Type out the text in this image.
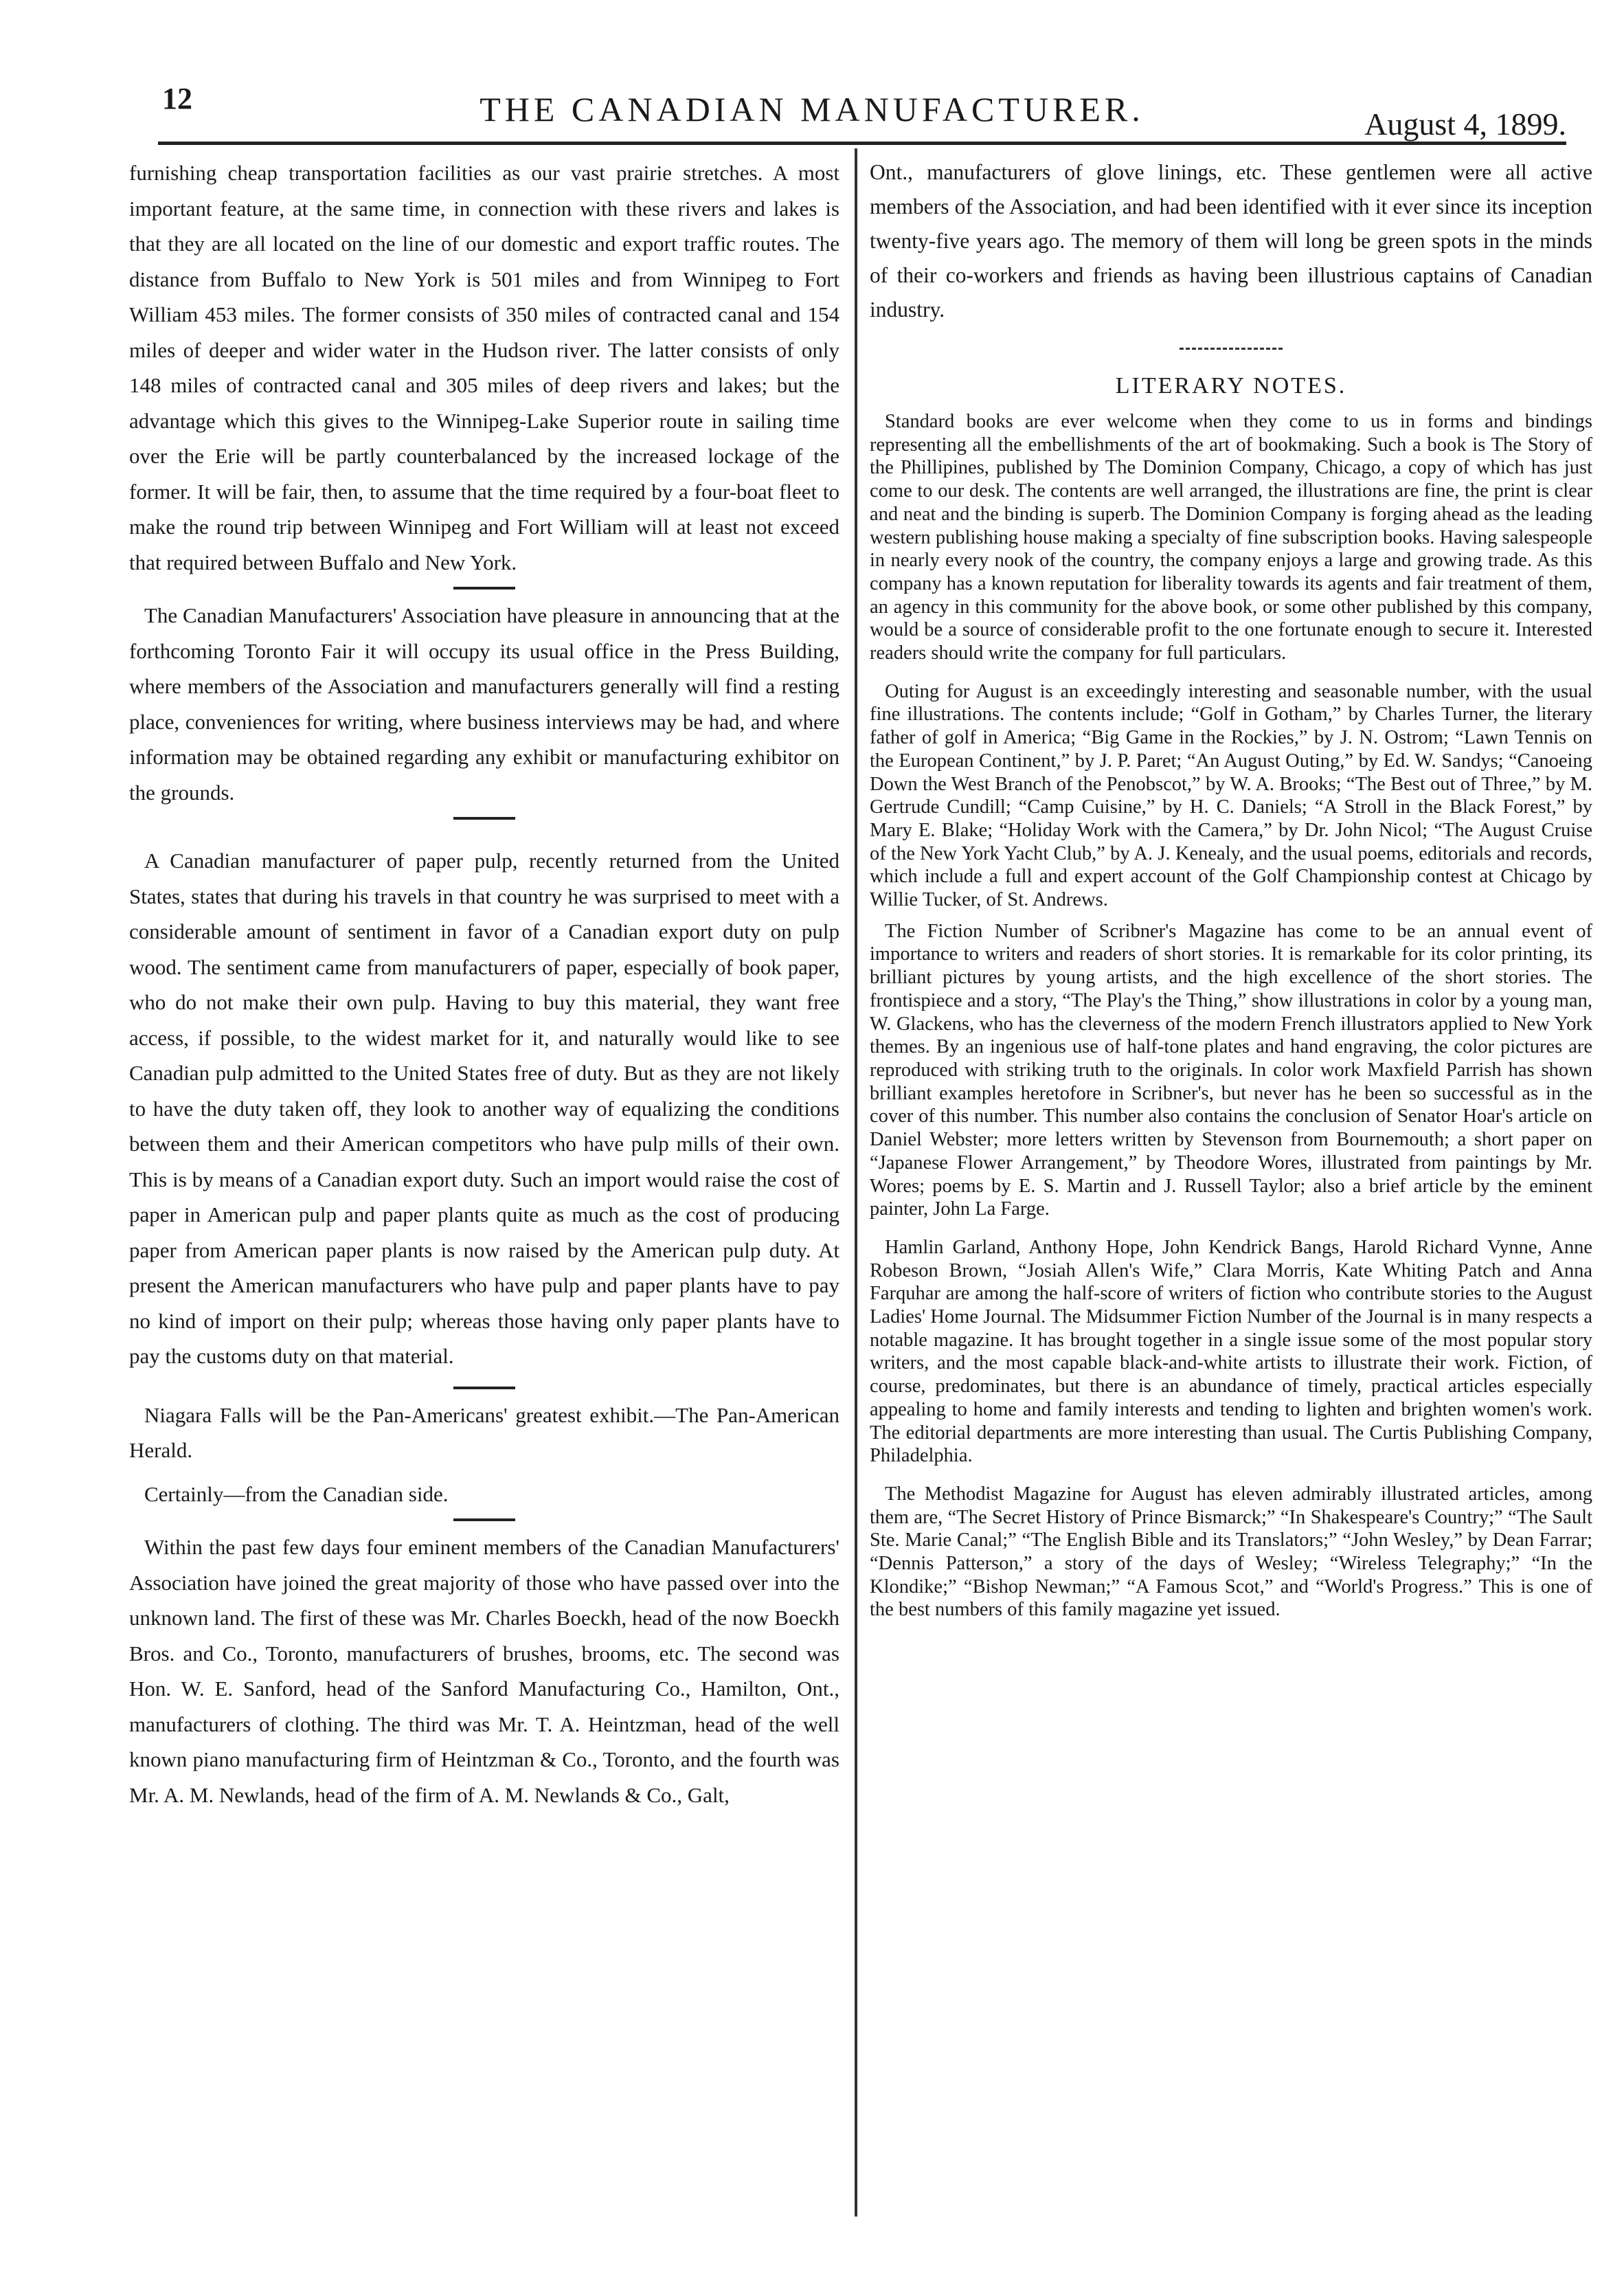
12	THE CANADIAN MANUFACTURER.	August 4, 1899.

furnishing cheap transportation facilities as our vast prairie stretches. A most important feature, at the same time, in connection with these rivers and lakes is that they are all located on the line of our domestic and export traffic routes. The distance from Buffalo to New York is 501 miles and from Winnipeg to Fort William 453 miles. The former consists of 350 miles of contracted canal and 154 miles of deeper and wider water in the Hudson river. The latter consists of only 148 miles of contracted canal and 305 miles of deep rivers and lakes; but the advantage which this gives to the Winnipeg-Lake Superior route in sailing time over the Erie will be partly counterbalanced by the increased lockage of the former. It will be fair, then, to assume that the time required by a four-boat fleet to make the round trip between Winnipeg and Fort William will at least not exceed that required between Buffalo and New York.

The Canadian Manufacturers' Association have pleasure in announcing that at the forthcoming Toronto Fair it will occupy its usual office in the Press Building, where members of the Association and manufacturers generally will find a resting place, conveniences for writing, where business interviews may be had, and where information may be obtained regarding any exhibit or manufacturing exhibitor on the grounds.

A Canadian manufacturer of paper pulp, recently returned from the United States, states that during his travels in that country he was surprised to meet with a considerable amount of sentiment in favor of a Canadian export duty on pulp wood. The sentiment came from manufacturers of paper, especially of book paper, who do not make their own pulp. Having to buy this material, they want free access, if possible, to the widest market for it, and naturally would like to see Canadian pulp admitted to the United States free of duty. But as they are not likely to have the duty taken off, they look to another way of equalizing the conditions between them and their American competitors who have pulp mills of their own. This is by means of a Canadian export duty. Such an import would raise the cost of paper in American pulp and paper plants quite as much as the cost of producing paper from American paper plants is now raised by the American pulp duty. At present the American manufacturers who have pulp and paper plants have to pay no kind of import on their pulp; whereas those having only paper plants have to pay the customs duty on that material.

Niagara Falls will be the Pan-Americans' greatest exhibit.—The Pan-American Herald.

Certainly—from the Canadian side.

Within the past few days four eminent members of the Canadian Manufacturers' Association have joined the great majority of those who have passed over into the unknown land. The first of these was Mr. Charles Boeckh, head of the now Boeckh Bros. and Co., Toronto, manufacturers of brushes, brooms, etc. The second was Hon. W. E. Sanford, head of the Sanford Manufacturing Co., Hamilton, Ont., manufacturers of clothing. The third was Mr. T. A. Heintzman, head of the well known piano manufacturing firm of Heintzman & Co., Toronto, and the fourth was Mr. A. M. Newlands, head of the firm of A. M. Newlands & Co., Galt,

Ont., manufacturers of glove linings, etc. These gentlemen were all active members of the Association, and had been identified with it ever since its inception twenty-five years ago. The memory of them will long be green spots in the minds of their co-workers and friends as having been illustrious captains of Canadian industry.

LITERARY NOTES.

Standard books are ever welcome when they come to us in forms and bindings representing all the embellishments of the art of bookmaking. Such a book is The Story of the Phillipines, published by The Dominion Company, Chicago, a copy of which has just come to our desk. The contents are well arranged, the illustrations are fine, the print is clear and neat and the binding is superb. The Dominion Company is forging ahead as the leading western publishing house making a specialty of fine subscription books. Having salespeople in nearly every nook of the country, the company enjoys a large and growing trade. As this company has a known reputation for liberality towards its agents and fair treatment of them, an agency in this community for the above book, or some other published by this company, would be a source of considerable profit to the one fortunate enough to secure it. Interested readers should write the company for full particulars.

Outing for August is an exceedingly interesting and seasonable number, with the usual fine illustrations. The contents include; “Golf in Gotham,” by Charles Turner, the literary father of golf in America; “Big Game in the Rockies,” by J. N. Ostrom; “Lawn Tennis on the European Continent,” by J. P. Paret; “An August Outing,” by Ed. W. Sandys; “Canoeing Down the West Branch of the Penobscot,” by W. A. Brooks; “The Best out of Three,” by M. Gertrude Cundill; “Camp Cuisine,” by H. C. Daniels; “A Stroll in the Black Forest,” by Mary E. Blake; “Holiday Work with the Camera,” by Dr. John Nicol; “The August Cruise of the New York Yacht Club,” by A. J. Kenealy, and the usual poems, editorials and records, which include a full and expert account of the Golf Championship contest at Chicago by Willie Tucker, of St. Andrews.

The Fiction Number of Scribner's Magazine has come to be an annual event of importance to writers and readers of short stories. It is remarkable for its color printing, its brilliant pictures by young artists, and the high excellence of the short stories. The frontispiece and a story, “The Play's the Thing,” show illustrations in color by a young man, W. Glackens, who has the cleverness of the modern French illustrators applied to New York themes. By an ingenious use of half-tone plates and hand engraving, the color pictures are reproduced with striking truth to the originals. In color work Maxfield Parrish has shown brilliant examples heretofore in Scribner's, but never has he been so successful as in the cover of this number. This number also contains the conclusion of Senator Hoar's article on Daniel Webster; more letters written by Stevenson from Bournemouth; a short paper on “Japanese Flower Arrangement,” by Theodore Wores, illustrated from paintings by Mr. Wores; poems by E. S. Martin and J. Russell Taylor; also a brief article by the eminent painter, John La Farge.

Hamlin Garland, Anthony Hope, John Kendrick Bangs, Harold Richard Vynne, Anne Robeson Brown, “Josiah Allen's Wife,” Clara Morris, Kate Whiting Patch and Anna Farquhar are among the half-score of writers of fiction who contribute stories to the August Ladies' Home Journal. The Midsummer Fiction Number of the Journal is in many respects a notable magazine. It has brought together in a single issue some of the most popular story writers, and the most capable black-and-white artists to illustrate their work. Fiction, of course, predominates, but there is an abundance of timely, practical articles especially appealing to home and family interests and tending to lighten and brighten women's work. The editorial departments are more interesting than usual. The Curtis Publishing Company, Philadelphia.

The Methodist Magazine for August has eleven admirably illustrated articles, among them are, “The Secret History of Prince Bismarck;” “In Shakespeare's Country;” “The Sault Ste. Marie Canal;” “The English Bible and its Translators;” “John Wesley,” by Dean Farrar; “Dennis Patterson,” a story of the days of Wesley; “Wireless Telegraphy;” “In the Klondike;” “Bishop Newman;” “A Famous Scot,” and “World's Progress.” This is one of the best numbers of this family magazine yet issued.
